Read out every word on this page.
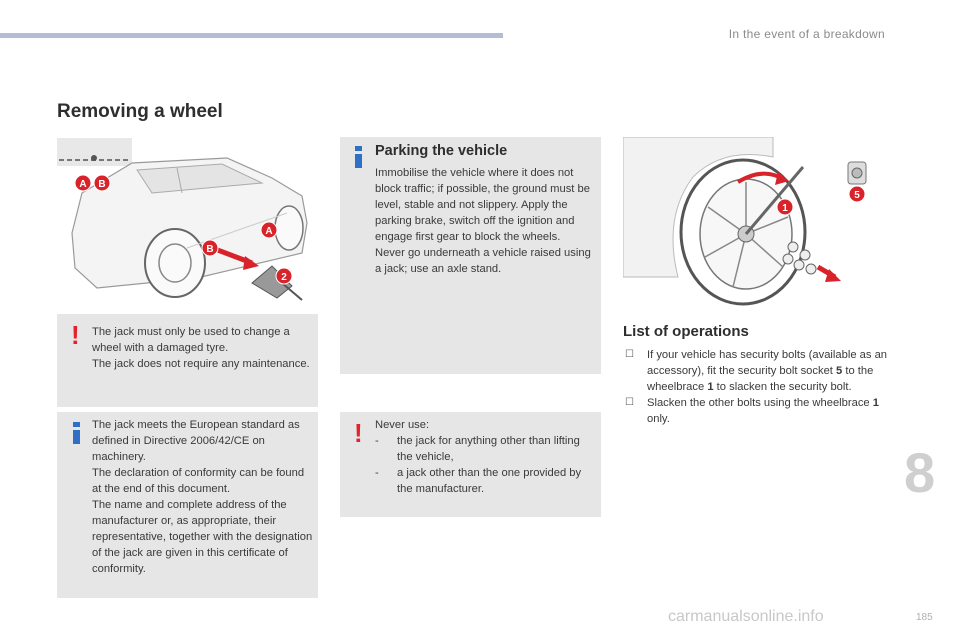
In the event of a breakdown
Removing a wheel
A B
A
B
2
! The jack must only be used to change a wheel with a damaged tyre.
The jack does not require any maintenance.
The jack meets the European standard as defined in Directive 2006/42/CE on machinery.
The declaration of conformity can be found at the end of this document.
The name and complete address of the manufacturer or, as appropriate, their representative, together with the designation of the jack are given in this certificate of conformity.
Parking the vehicle
Immobilise the vehicle where it does not block traffic; if possible, the ground must be level, stable and not slippery. Apply the parking brake, switch off the ignition and engage first gear to block the wheels.
Never go underneath a vehicle raised using a jack; use an axle stand.
! Never use:
- the jack for anything other than lifting the vehicle,
- a jack other than the one provided by the manufacturer.
1
5
List of operations
☐ If your vehicle has security bolts (available as an accessory), fit the security bolt socket 5 to the wheelbrace 1 to slacken the security bolt.
☐ Slacken the other bolts using the wheelbrace 1 only.
8
carmanualsonline.info	185
